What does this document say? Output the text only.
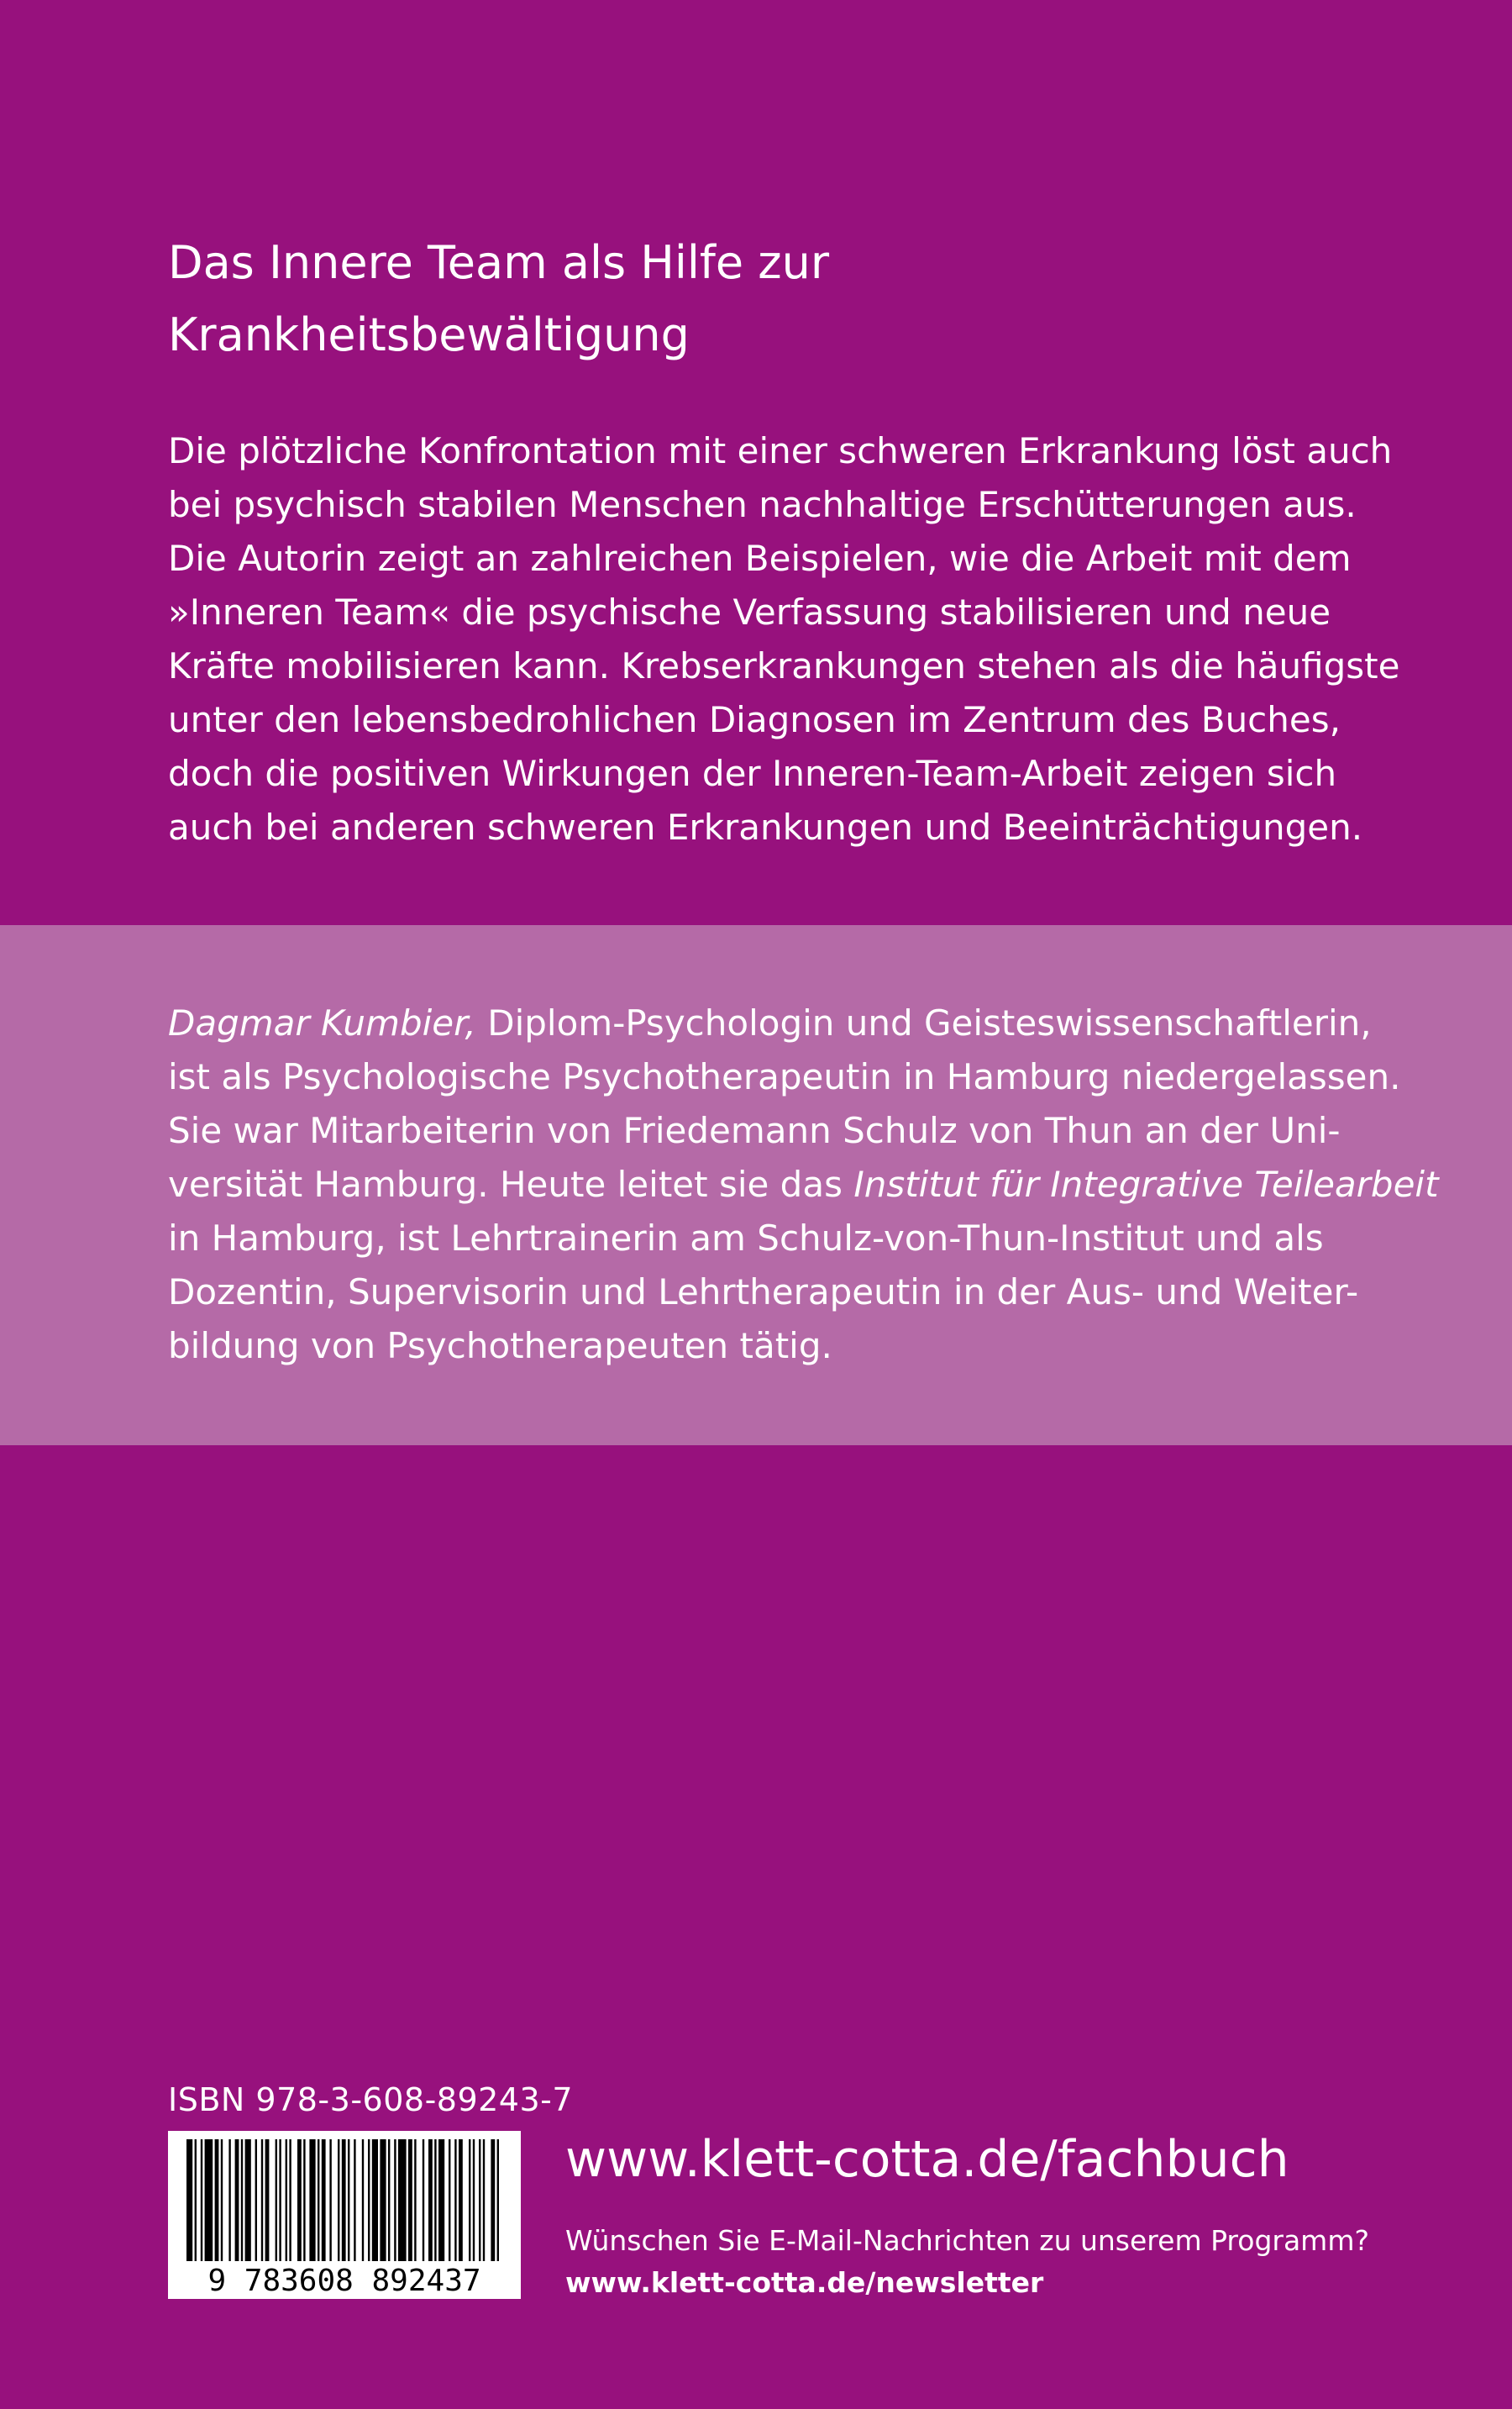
Das Innere Team als Hilfe zur
Krankheitsbewältigung

Die plötzliche Konfrontation mit einer schweren Erkrankung löst auch
bei psychisch stabilen Menschen nachhaltige Erschütterungen aus.
Die Autorin zeigt an zahlreichen Beispielen, wie die Arbeit mit dem
»Inneren Team« die psychische Verfassung stabilisieren und neue
Kräfte mobilisieren kann. Krebserkrankungen stehen als die häufigste
unter den lebensbedrohlichen Diagnosen im Zentrum des Buches,
doch die positiven Wirkungen der Inneren-Team-Arbeit zeigen sich
auch bei anderen schweren Erkrankungen und Beeinträchtigungen.

Dagmar Kumbier, Diplom-Psychologin und Geisteswissenschaftlerin,
ist als Psychologische Psychotherapeutin in Hamburg niedergelassen.
Sie war Mitarbeiterin von Friedemann Schulz von Thun an der Uni-
versität Hamburg. Heute leitet sie das Institut für Integrative Teilearbeit
in Hamburg, ist Lehrtrainerin am Schulz-von-Thun-Institut und als
Dozentin, Supervisorin und Lehrtherapeutin in der Aus- und Weiter-
bildung von Psychotherapeuten tätig.

ISBN 978-3-608-89243-7
9 783608 892437
www.klett-cotta.de/fachbuch
Wünschen Sie E-Mail-Nachrichten zu unserem Programm?
www.klett-cotta.de/newsletter
